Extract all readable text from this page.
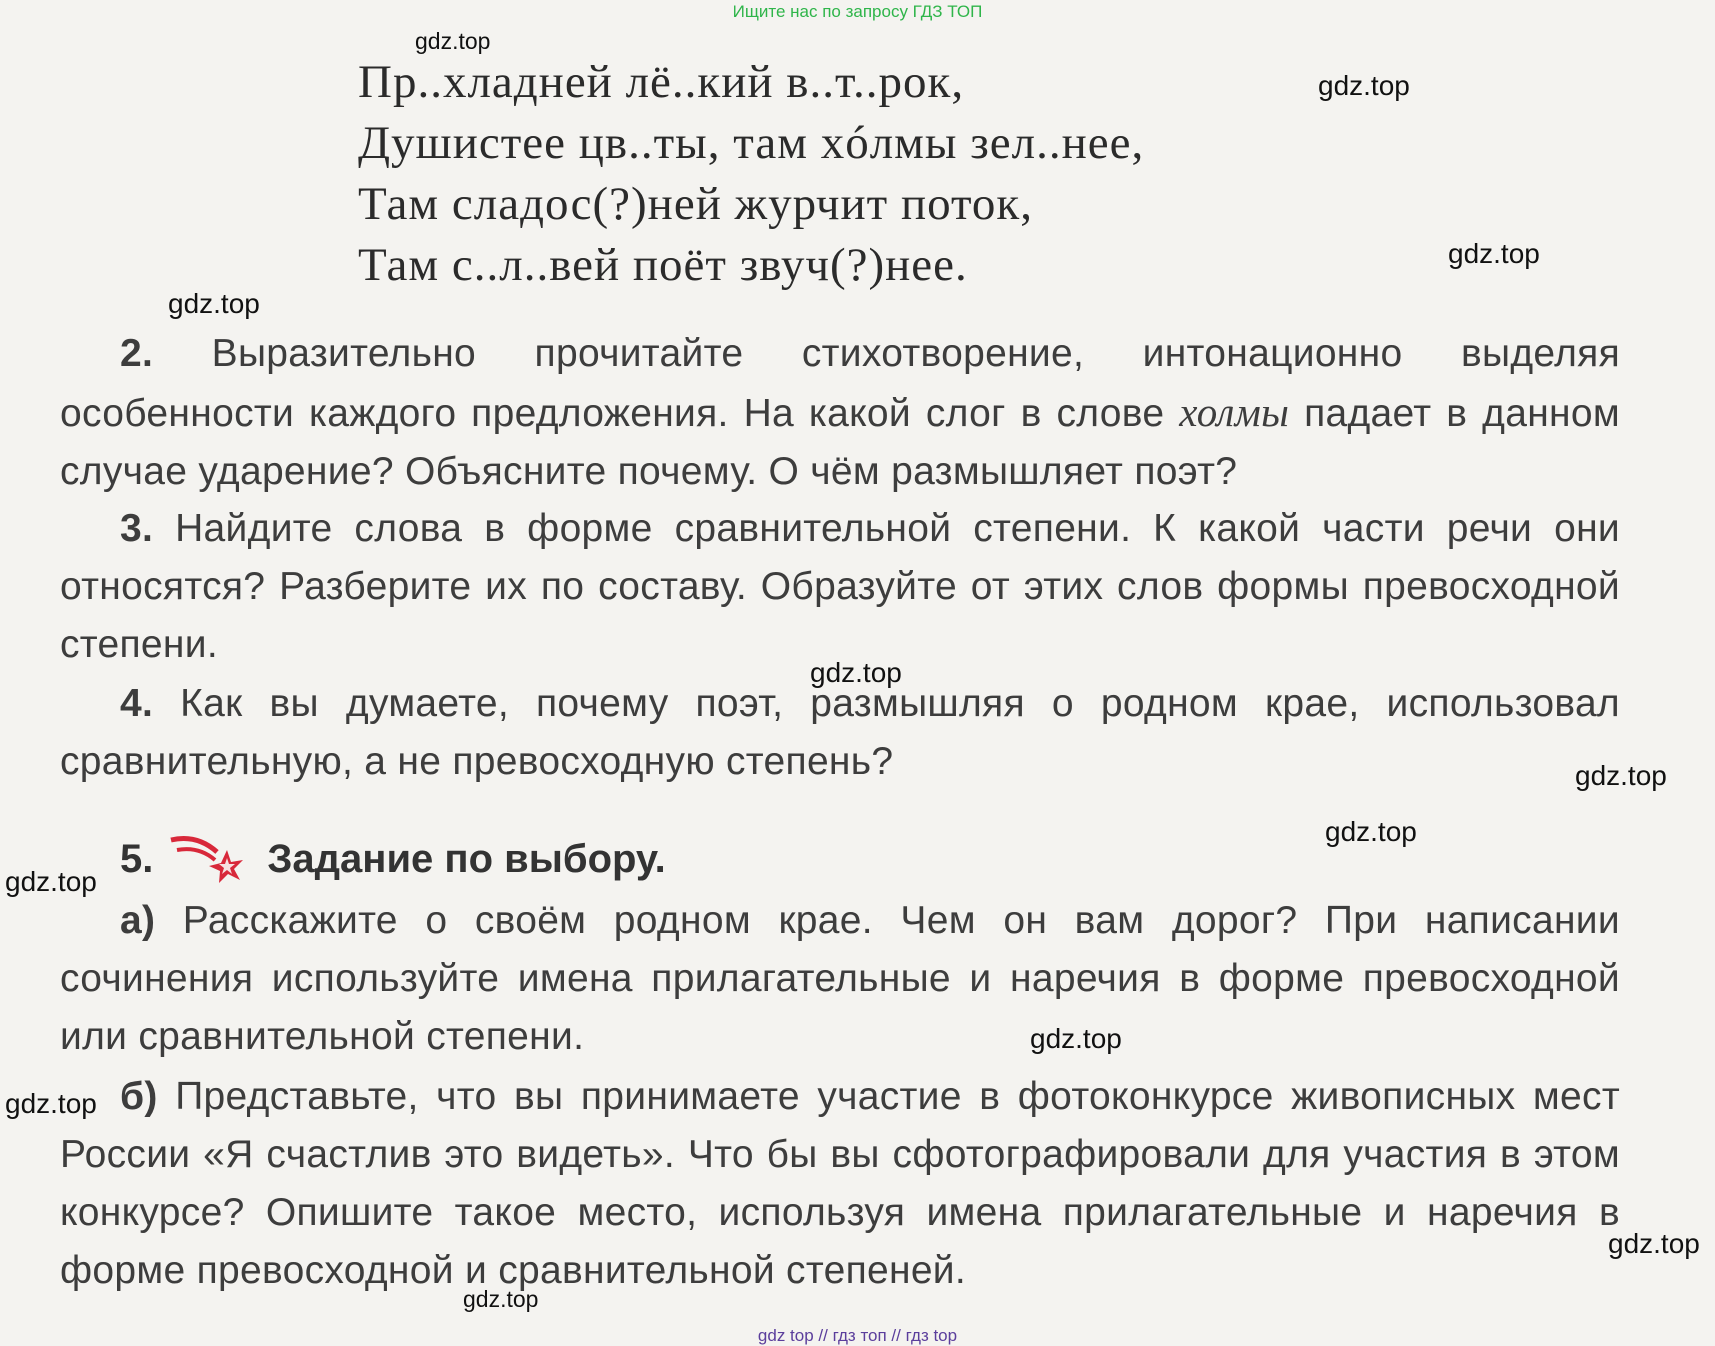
Ищите нас по запросу ГДЗ ТОП
Пр..хладней лё..кий в..т..рок,
Душистее цв..ты, там хóлмы зел..нее,
Там сладос(?)ней журчит поток,
Там с..л..вей поёт звуч(?)нее.
2. Выразительно прочитайте стихотворение, интонационно выделяя особенности каждого предложения. На какой слог в слове холмы падает в данном случае ударение? Объясните почему. О чём размышляет поэт?
3. Найдите слова в форме сравнительной степени. К какой части речи они относятся? Разберите их по составу. Образуйте от этих слов формы превосходной степени.
4. Как вы думаете, почему поэт, размышляя о родном крае, использовал сравнительную, а не превосходную степень?
5.	Задание по выбору.
а) Расскажите о своём родном крае. Чем он вам дорог? При написании сочинения используйте имена прилагательные и наречия в форме превосходной или сравнительной степени.
б) Представьте, что вы принимаете участие в фотоконкурсе живописных мест России «Я счастлив это видеть». Что бы вы сфотографировали для участия в этом конкурсе? Опишите такое место, используя имена прилагательные и наречия в форме превосходной и сравнительной степеней.
gdz.top
gdz.top
gdz.top
gdz.top
gdz.top
gdz.top
gdz.top
gdz.top
gdz.top
gdz.top
gdz.top
gdz.top
gdz top // гдз топ // гдз top
